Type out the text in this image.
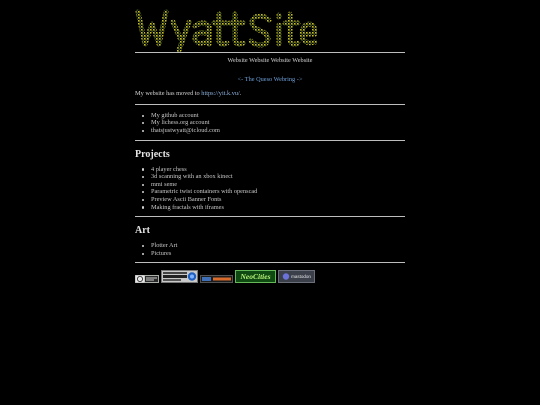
Website Website Website Website
<- The Queso Webring ->
My website has moved to https://yit.k.vu/.
My github account
My lichess.org account
thatsjustwyatt@icloud.com
Projects
4 player chess
3d scanning with an xbox kinect
mmi seme
Parametric twist containers with openscad
Preview Ascii Banner Fonts
Making fractals with iframes
Art
Plotter Art
Pictures
NeoCities	mastodon
